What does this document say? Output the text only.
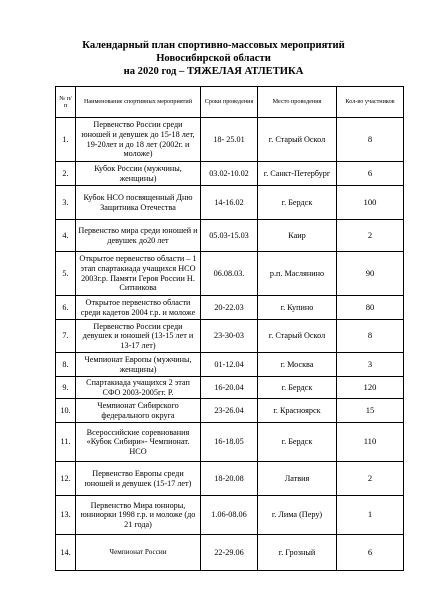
Календарный план спортивно-массовых мероприятий
Новосибирской области
на 2020 год – ТЯЖЕЛАЯ АТЛЕТИКА
№ п/п	Наименование спортивных мероприятий	Сроки проведения	Место проведения	Кол-во участников
1.	Первенство России среди юношей и девушек до 15-18 лет, 19-20лет и до 18 лет (2002г. и моложе)	18- 25.01	г. Старый Оскол	8
2.	Кубок России (мужчины, женщины)	03.02-10.02	г. Санкт-Петербург	6
3.	Кубок НСО посвященный Дню Защитника Отечества	14-16.02	г. Бердск	100
4.	Первенство мира среди юношей и девушек до20 лет	05.03-15.03	Каир	2
5.	Открытое первенство области – 1 этап спартакиада учащихся НСО 2003г.р. Памяти Героя России Н. Ситникова	06.08.03.	р.п. Маслянино	90
6.	Открытое первенство области среди кадетов 2004 г.р. и моложе	20-22.03	г. Купино	80
7.	Первенство России среди девушек и юношей (13-15 лет и 13-17 лет)	23-30-03	г. Старый Оскол	8
8.	Чемпионат Европы (мужчины, женщины)	01-12.04	г. Москва	3
9.	Спартакиада учащихся 2 этап СФО 2003-2005гг. Р.	16-20.04	г. Бердск	120
10.	Чемпионат Сибирского федерального округа	23-26.04	г. Красноярск	15
11.	Всероссийские соревнования «Кубок Сибири»- Чемпионат. НСО	16-18.05	г. Бердск	110
12.	Первенство Европы среди юношей и девушек (15-17 лет)	18-20.08	Латвия	2
13.	Первенство Мира юнноры, юнниорки 1998 г.р. и моложе (до 21 года)	1.06-08.06	г. Лима (Перу)	1
14.	Чемпионат России	22-29.06	г. Грозный	6
